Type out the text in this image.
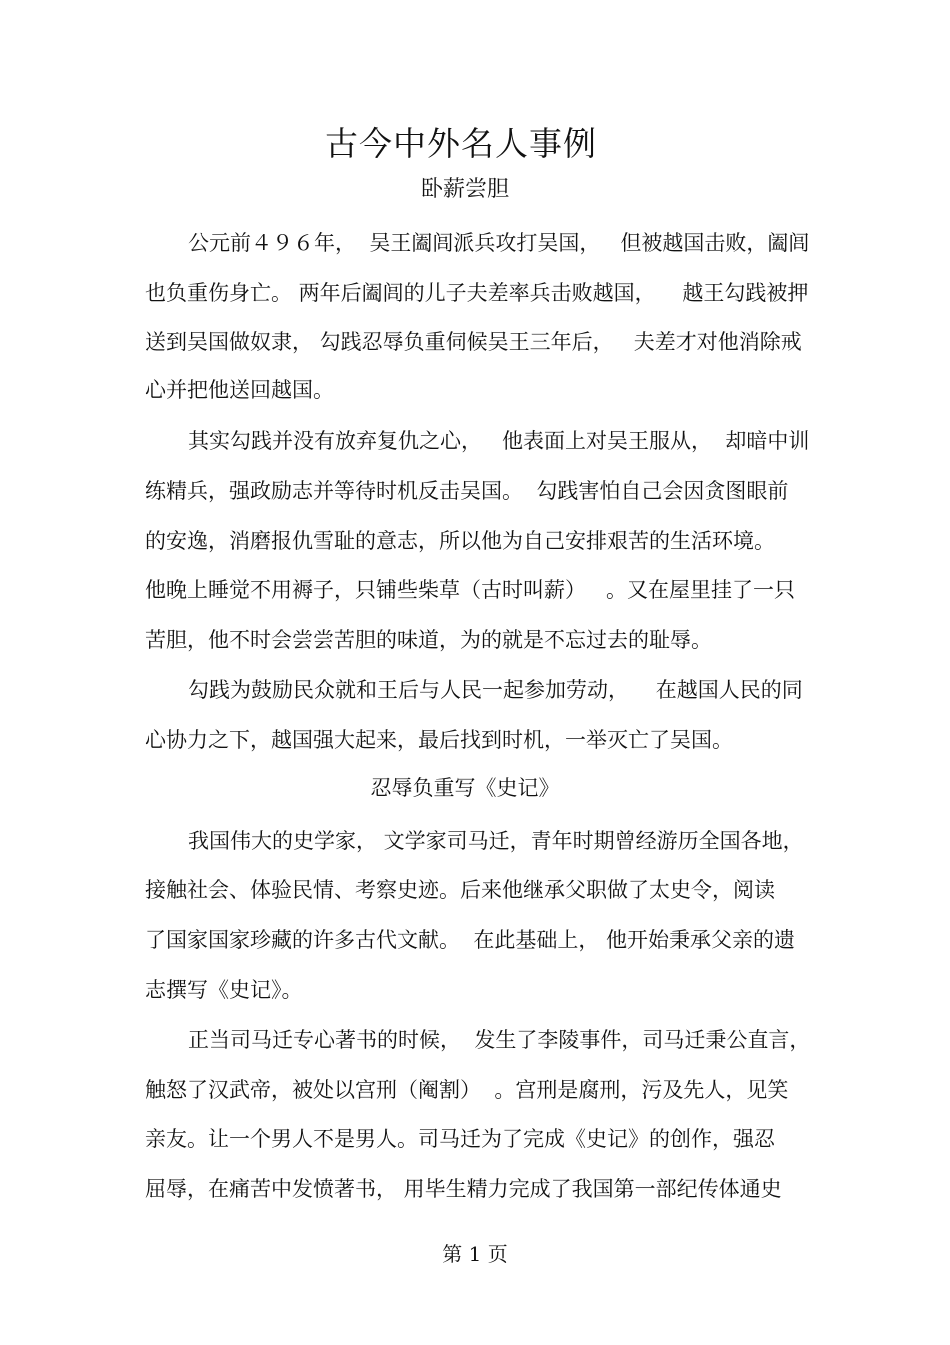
古今中外名人事例
卧薪尝胆
公元前４９６年，  吴王阖闾派兵攻打吴国，   但被越国击败，阖闾
也负重伤身亡。 两年后阖闾的儿子夫差率兵击败越国，    越王勾践被押
送到吴国做奴隶， 勾践忍辱负重伺候吴王三年后，   夫差才对他消除戒
心并把他送回越国。
其实勾践并没有放弃复仇之心，   他表面上对吴王服从，  却暗中训
练精兵，强政励志并等待时机反击吴国。  勾践害怕自己会因贪图眼前
的安逸，消磨报仇雪耻的意志，所以他为自己安排艰苦的生活环境。
他晚上睡觉不用褥子，只铺些柴草（古时叫薪）   。又在屋里挂了一只
苦胆，他不时会尝尝苦胆的味道，为的就是不忘过去的耻辱。
勾践为鼓励民众就和王后与人民一起参加劳动，    在越国人民的同
心协力之下，越国强大起来，最后找到时机，一举灭亡了吴国。
忍辱负重写《史记》
我国伟大的史学家， 文学家司马迁，青年时期曾经游历全国各地，
接触社会、体验民情、考察史迹。后来他继承父职做了太史令，阅读
了国家国家珍藏的许多古代文献。  在此基础上， 他开始秉承父亲的遗
志撰写《史记》。
正当司马迁专心著书的时候，  发生了李陵事件，司马迁秉公直言，
触怒了汉武帝，被处以宫刑（阉割）  。宫刑是腐刑，污及先人，见笑
亲友。让一个男人不是男人。司马迁为了完成《史记》的创作，强忍
屈辱，在痛苦中发愤著书， 用毕生精力完成了我国第一部纪传体通史
第 1 页
